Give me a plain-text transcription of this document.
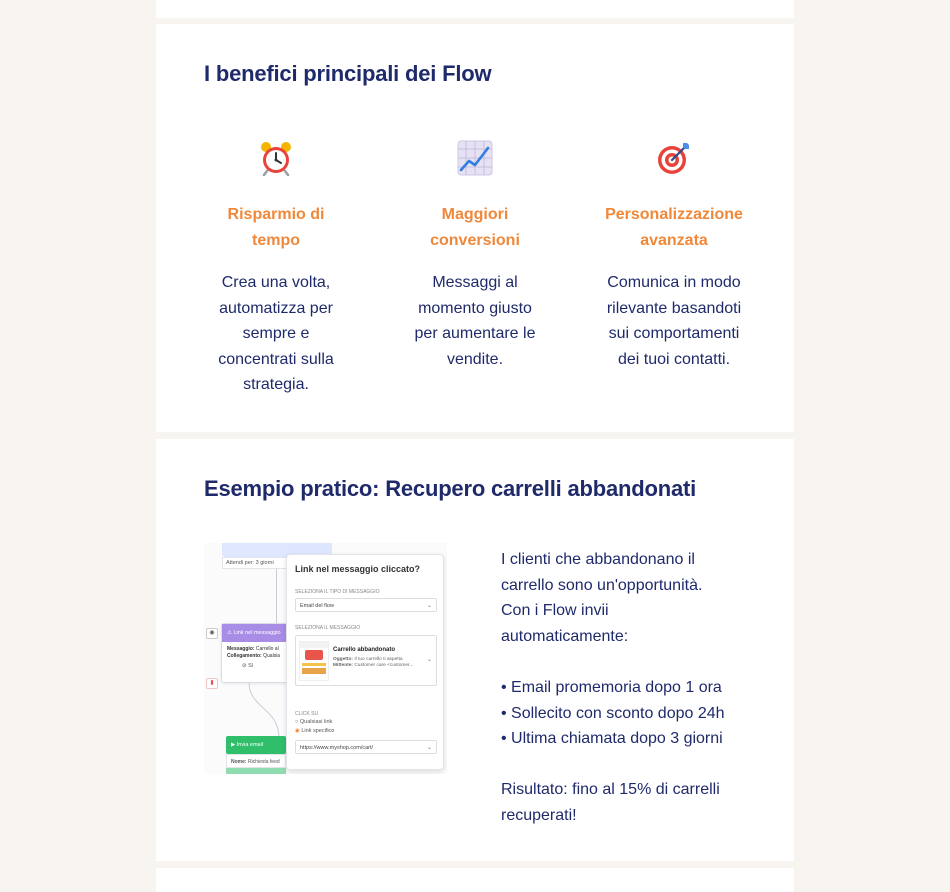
I benefici principali dei Flow
Risparmio di
tempo
Crea una volta,
automatizza per
sempre e
concentrati sulla
strategia.
Maggiori
conversioni
Messaggi al
momento giusto
per aumentare le
vendite.
Personalizzazione
avanzata
Comunica in modo
rilevante basandoti
sui comportamenti
dei tuoi contatti.
Esempio pratico: Recupero carrelli abbandonati
Attendi per: 3 giorni
◉
▮
⚠ Link nel messaggio
Messaggio: Carrello al
Collegamento: Qualsia
⊘ Sì
▶ Invia email
Nome: Richiesta feed
Link nel messaggio cliccato?
SELEZIONA IL TIPO DI MESSAGGIO
Email del flow	⌄
SELEZIONA IL MESSAGGIO
Carrello abbandonato
Oggetto: Il tuo carrello ti aspetta
Mittente: Customer care <customer...
⌄
CLICK SU
○ Qualsiasi link
◉ Link specifico
https://www.myshop.com/cart/	⌄

I clienti che abbandonano il

carrello sono un'opportunità.

Con i Flow invii

automaticamente:

• Email promemoria dopo 1 ora

• Sollecito con sconto dopo 24h

• Ultima chiamata dopo 3 giorni

Risultato: fino al 15% di carrelli

recuperati!
